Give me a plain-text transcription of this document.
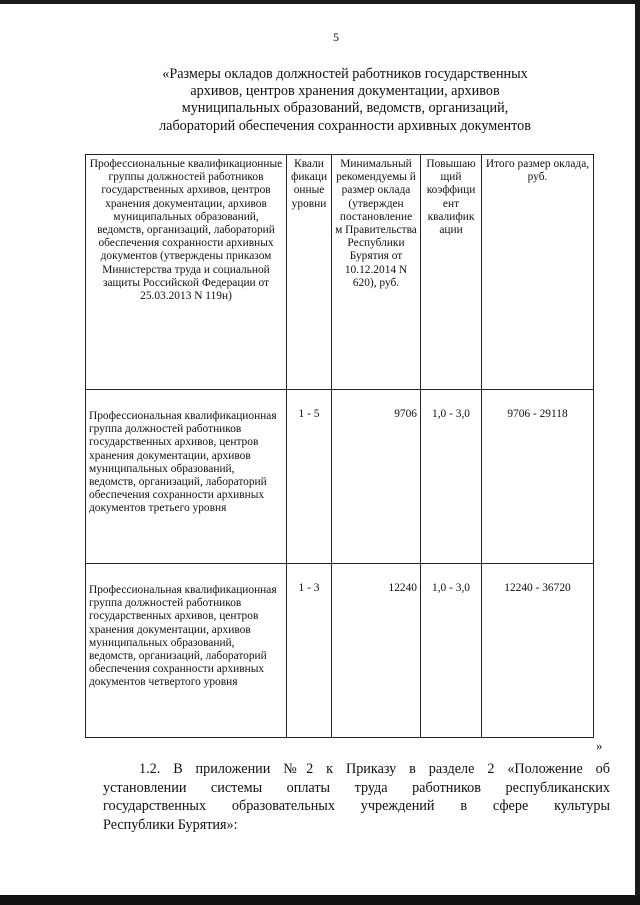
5
«Размеры окладов должностей работников государственных
архивов, центров хранения документации, архивов
муниципальных образований, ведомств, организаций,
лабораторий обеспечения сохранности архивных документов
Профессиональные квалификационные группы должностей работников государственных архивов, центров хранения документации, архивов муниципальных образований, ведомств, организаций, лабораторий обеспечения сохранности архивных документов (утверждены приказом Министерства труда и социальной защиты Российской Федерации от 25.03.2013 N 119н)	Квали фикаци онные уровни	Минимальный рекомендуемы й размер оклада (утвержден постановление м Правительства Республики Бурятия от 10.12.2014 N 620), руб.	Повышаю щий коэффици ент квалифик ации	Итого размер оклада, руб.
Профессиональная квалификационная группа должностей работников государственных архивов, центров хранения документации, архивов муниципальных образований, ведомств, организаций, лабораторий обеспечения сохранности архивных документов третьего уровня	1 - 5	9706	1,0 - 3,0	9706 - 29118
Профессиональная квалификационная группа должностей работников государственных архивов, центров хранения документации, архивов муниципальных образований, ведомств, организаций, лабораторий обеспечения сохранности архивных документов четвертого уровня	1 - 3	12240	1,0 - 3,0	12240 - 36720
»
1.2. В приложении №2 к Приказу в разделе 2 «Положение об
установлении системы оплаты труда работников республиканских
государственных образовательных учреждений в сфере культуры
Республики Бурятия»:
